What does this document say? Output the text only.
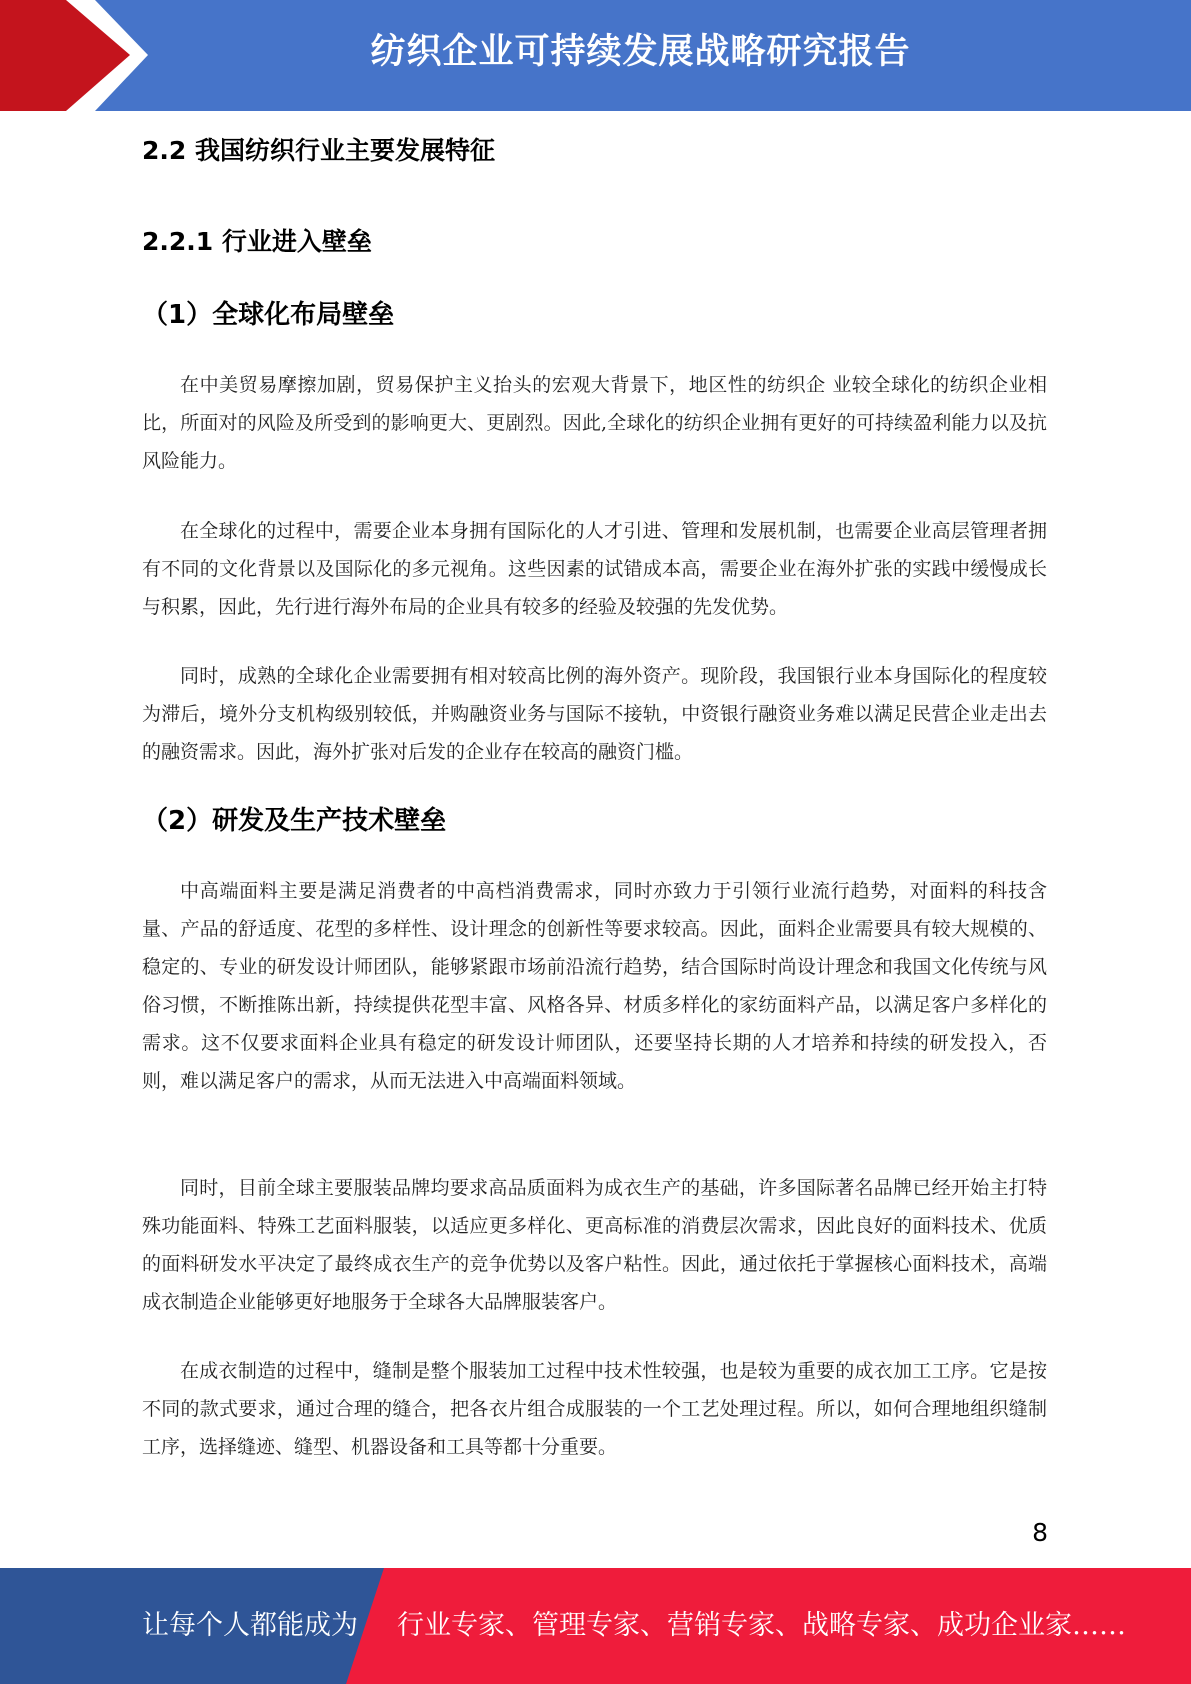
纺织企业可持续发展战略研究报告
2.2 我国纺织行业主要发展特征
2.2.1 行业进入壁垒
（1）全球化布局壁垒

在中美贸易摩擦加剧，贸易保护主义抬头的宏观大背景下，地区性的纺织企 业较全球化的纺织企业相比，所面对的风险及所受到的影响更大、更剧烈。因此,全球化的纺织企业拥有更好的可持续盈利能力以及抗风险能力。

在全球化的过程中，需要企业本身拥有国际化的人才引进、管理和发展机制，也需要企业高层管理者拥有不同的文化背景以及国际化的多元视角。这些因素的试错成本高，需要企业在海外扩张的实践中缓慢成长与积累，因此，先行进行海外布局的企业具有较多的经验及较强的先发优势。

同时，成熟的全球化企业需要拥有相对较高比例的海外资产。现阶段，我国银行业本身国际化的程度较为滞后，境外分支机构级别较低，并购融资业务与国际不接轨，中资银行融资业务难以满足民营企业走出去的融资需求。因此，海外扩张对后发的企业存在较高的融资门槛。

（2）研发及生产技术壁垒

中高端面料主要是满足消费者的中高档消费需求，同时亦致力于引领行业流行趋势，对面料的科技含量、产品的舒适度、花型的多样性、设计理念的创新性等要求较高。因此，面料企业需要具有较大规模的、稳定的、专业的研发设计师团队，能够紧跟市场前沿流行趋势，结合国际时尚设计理念和我国文化传统与风俗习惯，不断推陈出新，持续提供花型丰富、风格各异、材质多样化的家纺面料产品，以满足客户多样化的需求。这不仅要求面料企业具有稳定的研发设计师团队，还要坚持长期的人才培养和持续的研发投入，否则，难以满足客户的需求，从而无法进入中高端面料领域。

同时，目前全球主要服装品牌均要求高品质面料为成衣生产的基础，许多国际著名品牌已经开始主打特殊功能面料、特殊工艺面料服装，以适应更多样化、更高标准的消费层次需求，因此良好的面料技术、优质的面料研发水平决定了最终成衣生产的竞争优势以及客户粘性。因此，通过依托于掌握核心面料技术，高端成衣制造企业能够更好地服务于全球各大品牌服装客户。

在成衣制造的过程中，缝制是整个服装加工过程中技术性较强，也是较为重要的成衣加工工序。它是按不同的款式要求，通过合理的缝合，把各衣片组合成服装的一个工艺处理过程。所以，如何合理地组织缝制工序，选择缝迹、缝型、机器设备和工具等都十分重要。

8
让每个人都能成为 行业专家、管理专家、营销专家、战略专家、成功企业家……
